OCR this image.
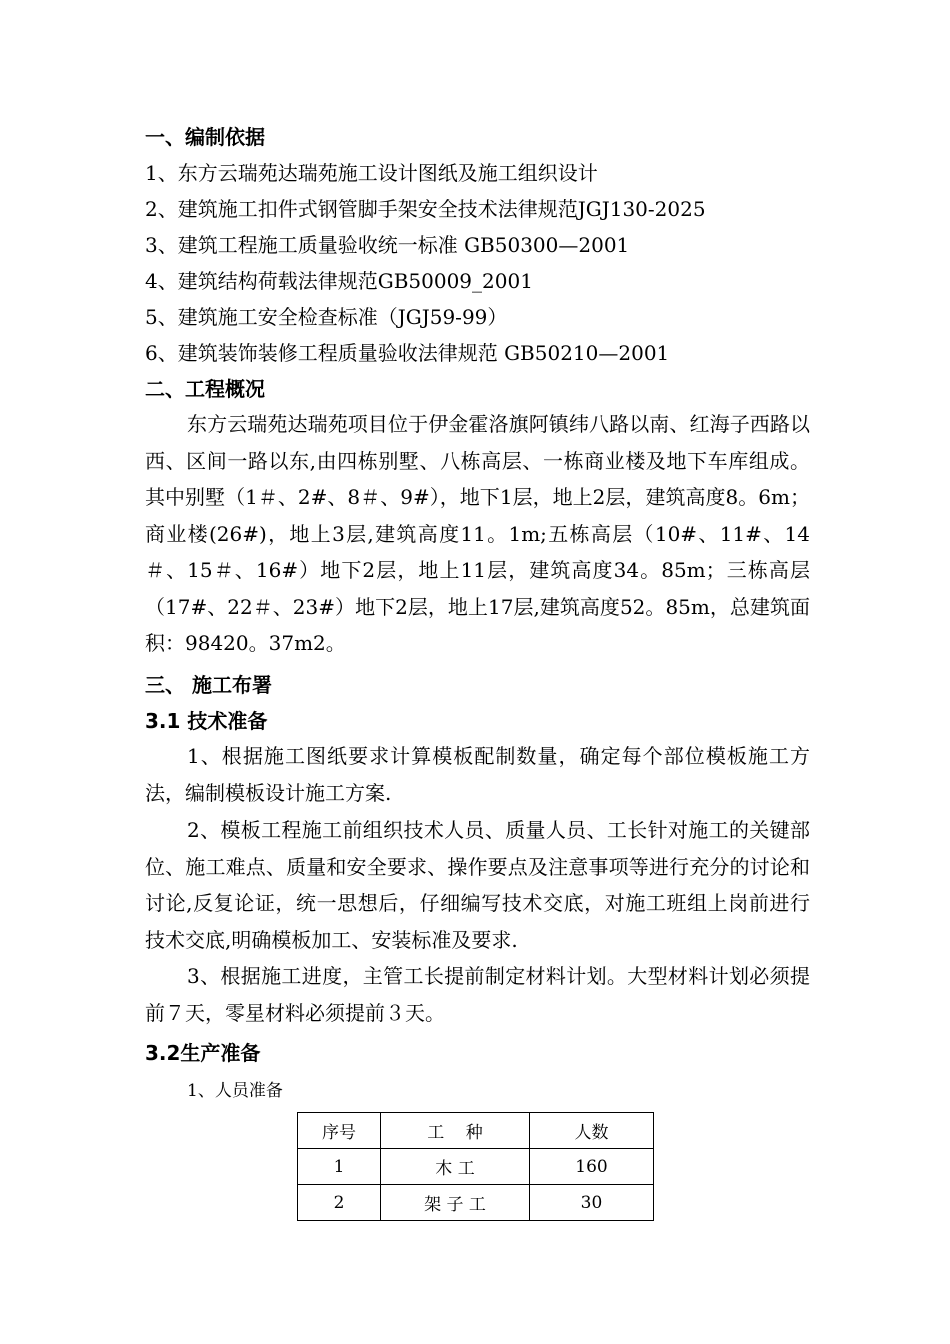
一、编制依据
1、东方云瑞苑达瑞苑施工设计图纸及施工组织设计
2、建筑施工扣件式钢管脚手架安全技术法律规范JGJ130-2025
3、建筑工程施工质量验收统一标准 GB50300—2001
4、建筑结构荷载法律规范GB50009_2001
5、建筑施工安全检查标准（JGJ59-99）
6、建筑装饰装修工程质量验收法律规范 GB50210—2001
二、工程概况
东方云瑞苑达瑞苑项目位于伊金霍洛旗阿镇纬八路以南、红海子西路以西、区间一路以东,由四栋别墅、八栋高层、一栋商业楼及地下车库组成。其中别墅（1＃、2#、8＃、9#），地下1层，地上2层，建筑高度8。6m；商业楼(26#)，地上3层,建筑高度11。1m;五栋高层（10#、11#、14＃、15＃、16#）地下2层，地上11层，建筑高度34。85m；三栋高层（17#、22＃、23#）地下2层，地上17层,建筑高度52。85m，总建筑面积：98420。37m2。
三、 施工布署
3.1 技术准备
1、根据施工图纸要求计算模板配制数量，确定每个部位模板施工方法，编制模板设计施工方案.
2、模板工程施工前组织技术人员、质量人员、工长针对施工的关键部位、施工难点、质量和安全要求、操作要点及注意事项等进行充分的讨论和讨论,反复论证，统一思想后，仔细编写技术交底，对施工班组上岗前进行技术交底,明确模板加工、安装标准及要求.
3、根据施工进度，主管工长提前制定材料计划。大型材料计划必须提前７天，零星材料必须提前３天。
3.2生产准备
1、人员准备
序号	工    种	人数
1	木 工	160
2	架 子 工	30
